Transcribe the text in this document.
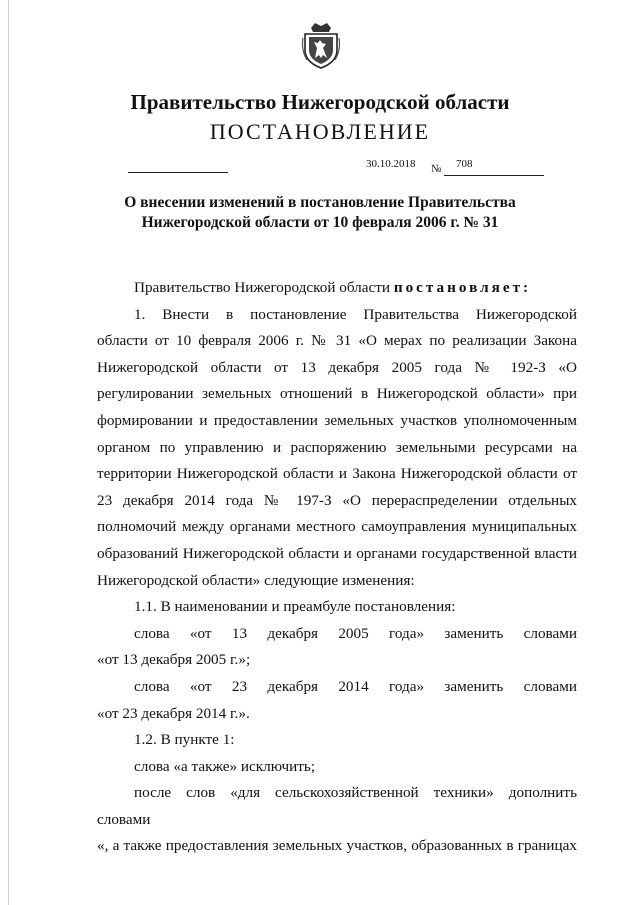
Правительство Нижегородской области
ПОСТАНОВЛЕНИЕ
30.10.2018 № 708
О внесении изменений в постановление Правительства
Нижегородской области от 10 февраля 2006 г. № 31

Правительство Нижегородской области постановляет:

1. Внести в постановление Правительства Нижегородской

области от 10 февраля 2006 г. № 31 «О мерах по реализации Закона

Нижегородской области от 13 декабря 2005 года № 192-З «О

регулировании земельных отношений в Нижегородской области» при

формировании и предоставлении земельных участков уполномоченным

органом по управлению и распоряжению земельными ресурсами на

территории Нижегородской области и Закона Нижегородской области от

23 декабря 2014 года № 197-З «О перераспределении отдельных

полномочий между органами местного самоуправления муниципальных

образований Нижегородской области и органами государственной власти

Нижегородской области» следующие изменения:

1.1. В наименовании и преамбуле постановления:

слова «от 13 декабря 2005 года» заменить словами

«от 13 декабря 2005 г.»;

слова «от 23 декабря 2014 года» заменить словами

«от 23 декабря 2014 г.».

1.2. В пункте 1:

слова «а также» исключить;

после слов «для сельскохозяйственной техники» дополнить словами

«, а также предоставления земельных участков, образованных в границах
